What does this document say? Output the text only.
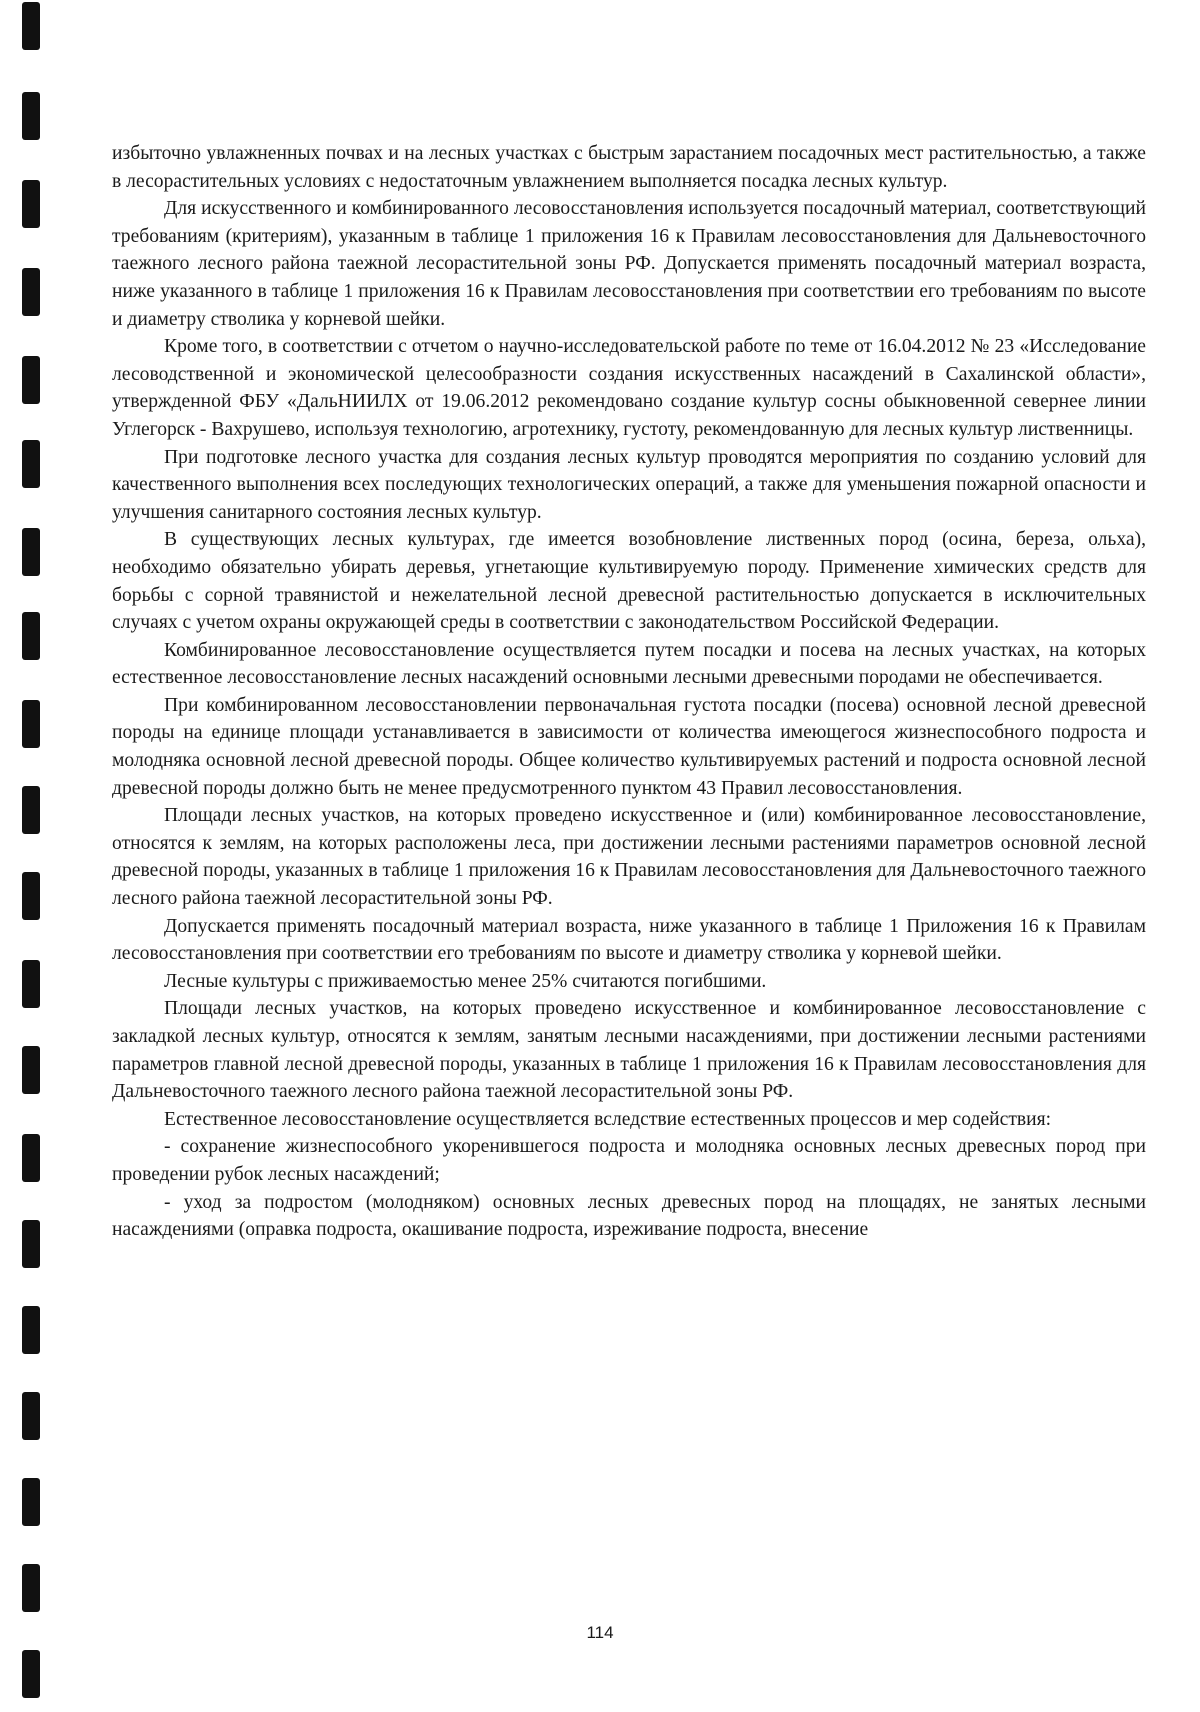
избыточно увлажненных почвах и на лесных участках с быстрым зарастанием посадочных мест растительностью, а также в лесорастительных условиях с недостаточным увлажнением выполняется посадка лесных культур.

Для искусственного и комбинированного лесовосстановления используется посадочный материал, соответствующий требованиям (критериям), указанным в таблице 1 приложения 16 к Правилам лесовосстановления для Дальневосточного таежного лесного района таежной лесорастительной зоны РФ. Допускается применять посадочный материал возраста, ниже указанного в таблице 1 приложения 16 к Правилам лесовосстановления при соответствии его требованиям по высоте и диаметру стволика у корневой шейки.

Кроме того, в соответствии с отчетом о научно-исследовательской работе по теме от 16.04.2012 № 23 «Исследование лесоводственной и экономической целесообразности создания искусственных насаждений в Сахалинской области», утвержденной ФБУ «ДальНИИЛХ от 19.06.2012 рекомендовано создание культур сосны обыкновенной севернее линии Углегорск - Вахрушево, используя технологию, агротехнику, густоту, рекомендованную для лесных культур лиственницы.

При подготовке лесного участка для создания лесных культур проводятся мероприятия по созданию условий для качественного выполнения всех последующих технологических операций, а также для уменьшения пожарной опасности и улучшения санитарного состояния лесных культур.

В существующих лесных культурах, где имеется возобновление лиственных пород (осина, береза, ольха), необходимо обязательно убирать деревья, угнетающие культивируемую породу. Применение химических средств для борьбы с сорной травянистой и нежелательной лесной древесной растительностью допускается в исключительных случаях с учетом охраны окружающей среды в соответствии с законодательством Российской Федерации.

Комбинированное лесовосстановление осуществляется путем посадки и посева на лесных участках, на которых естественное лесовосстановление лесных насаждений основными лесными древесными породами не обеспечивается.

При комбинированном лесовосстановлении первоначальная густота посадки (посева) основной лесной древесной породы на единице площади устанавливается в зависимости от количества имеющегося жизнеспособного подроста и молодняка основной лесной древесной породы. Общее количество культивируемых растений и подроста основной лесной древесной породы должно быть не менее предусмотренного пунктом 43 Правил лесовосстановления.

Площади лесных участков, на которых проведено искусственное и (или) комбинированное лесовосстановление, относятся к землям, на которых расположены леса, при достижении лесными растениями параметров основной лесной древесной породы, указанных в таблице 1 приложения 16 к Правилам лесовосстановления для Дальневосточного таежного лесного района таежной лесорастительной зоны РФ.

Допускается применять посадочный материал возраста, ниже указанного в таблице 1 Приложения 16 к Правилам лесовосстановления при соответствии его требованиям по высоте и диаметру стволика у корневой шейки.

Лесные культуры с приживаемостью менее 25% считаются погибшими.

Площади лесных участков, на которых проведено искусственное и комбинированное лесовосстановление с закладкой лесных культур, относятся к землям, занятым лесными насаждениями, при достижении лесными растениями параметров главной лесной древесной породы, указанных в таблице 1 приложения 16 к Правилам лесовосстановления для Дальневосточного таежного лесного района таежной лесорастительной зоны РФ.

Естественное лесовосстановление осуществляется вследствие естественных процессов и мер содействия:

- сохранение жизнеспособного укоренившегося подроста и молодняка основных лесных древесных пород при проведении рубок лесных насаждений;

- уход за подростом (молодняком) основных лесных древесных пород на площадях, не занятых лесными насаждениями (оправка подроста, окашивание подроста, изреживание подроста, внесение

114
